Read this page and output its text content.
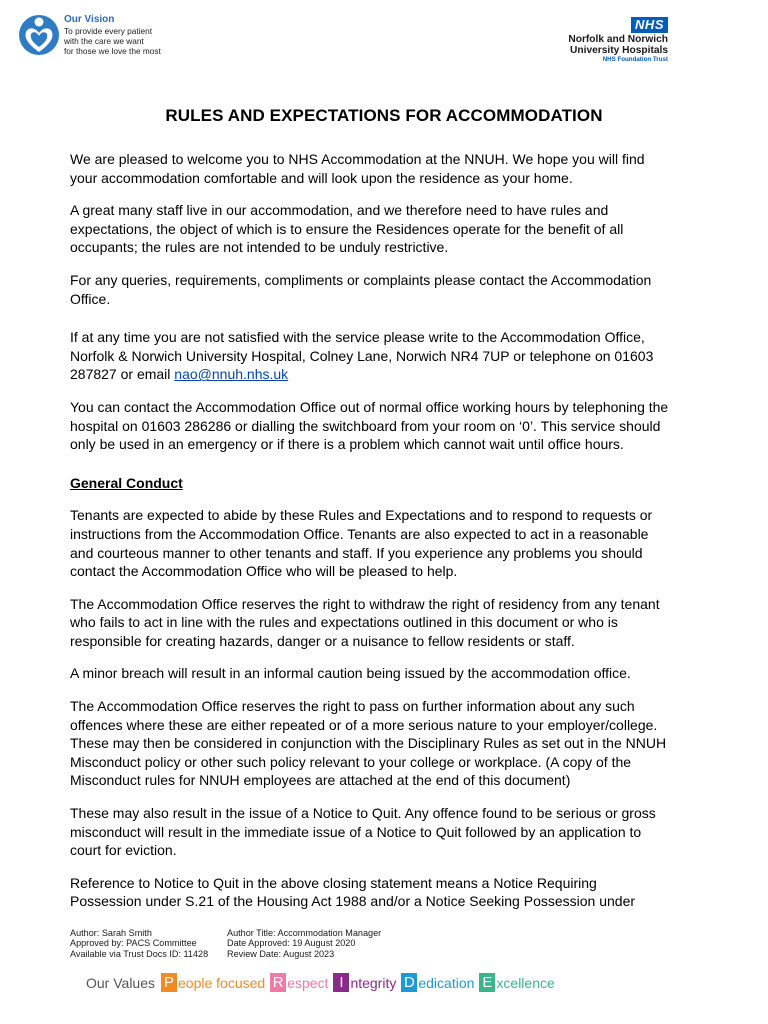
Our Vision
To provide every patient
with the care we want
for those we love the most
NHS
Norfolk and Norwich
University Hospitals
NHS Foundation Trust
RULES AND EXPECTATIONS FOR ACCOMMODATION

We are pleased to welcome you to NHS Accommodation at the NNUH. We hope you will find your accommodation comfortable and will look upon the residence as your home.

A great many staff live in our accommodation, and we therefore need to have rules and expectations, the object of which is to ensure the Residences operate for the benefit of all occupants; the rules are not intended to be unduly restrictive.

For any queries, requirements, compliments or complaints please contact the Accommodation Office.

If at any time you are not satisfied with the service please write to the Accommodation Office, Norfolk & Norwich University Hospital, Colney Lane, Norwich NR4 7UP or telephone on 01603 287827 or email nao@nnuh.nhs.uk

You can contact the Accommodation Office out of normal office working hours by telephoning the hospital on 01603 286286 or dialling the switchboard from your room on ‘0’. This service should only be used in an emergency or if there is a problem which cannot wait until office hours.

General Conduct

Tenants are expected to abide by these Rules and Expectations and to respond to requests or instructions from the Accommodation Office. Tenants are also expected to act in a reasonable and courteous manner to other tenants and staff. If you experience any problems you should contact the Accommodation Office who will be pleased to help.

The Accommodation Office reserves the right to withdraw the right of residency from any tenant who fails to act in line with the rules and expectations outlined in this document or who is responsible for creating hazards, danger or a nuisance to fellow residents or staff.

A minor breach will result in an informal caution being issued by the accommodation office.

The Accommodation Office reserves the right to pass on further information about any such offences where these are either repeated or of a more serious nature to your employer/college. These may then be considered in conjunction with the Disciplinary Rules as set out in the NNUH Misconduct policy or other such policy relevant to your college or workplace. (A copy of the Misconduct rules for NNUH employees are attached at the end of this document)

These may also result in the issue of a Notice to Quit. Any offence found to be serious or gross misconduct will result in the immediate issue of a Notice to Quit followed by an application to court for eviction.

Reference to Notice to Quit in the above closing statement means a Notice Requiring Possession under S.21 of the Housing Act 1988 and/or a Notice Seeking Possession under

Author: Sarah Smith	Author Title: Accommodation Manager
Approved by: PACS Committee	Date Approved: 19 August 2020
Available via Trust Docs ID: 11428	Review Date: August 2023
Our Values P eople focused R espect I ntegrity D edication E xcellence
